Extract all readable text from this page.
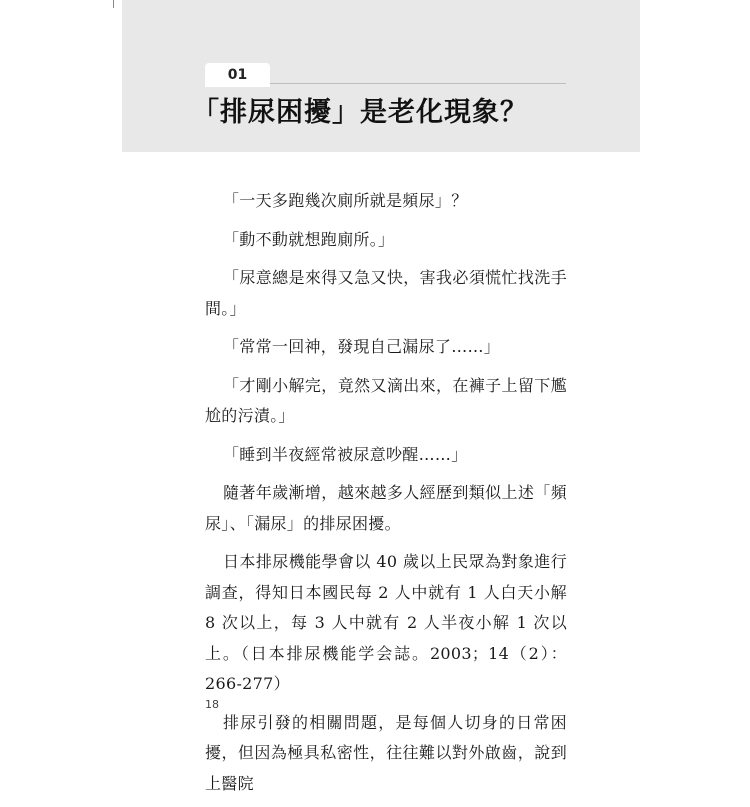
01
「排尿困擾」是老化現象？

「一天多跑幾次廁所就是頻尿」？

「動不動就想跑廁所。」

「尿意總是來得又急又快，害我必須慌忙找洗手間。」

「常常一回神，發現自己漏尿了……」

「才剛小解完，竟然又滴出來，在褲子上留下尷尬的污漬。」

「睡到半夜經常被尿意吵醒……」

隨著年歲漸增，越來越多人經歷到類似上述「頻尿」、「漏尿」的排尿困擾。

日本排尿機能學會以 40 歲以上民眾為對象進行調查，得知日本國民每 2 人中就有 1 人白天小解 8 次以上，每 3 人中就有 2 人半夜小解 1 次以上。（日本排尿機能学会誌。2003；14（2）：266-277）

排尿引發的相關問題，是每個人切身的日常困擾，但因為極具私密性，往往難以對外啟齒，說到上醫院

18
